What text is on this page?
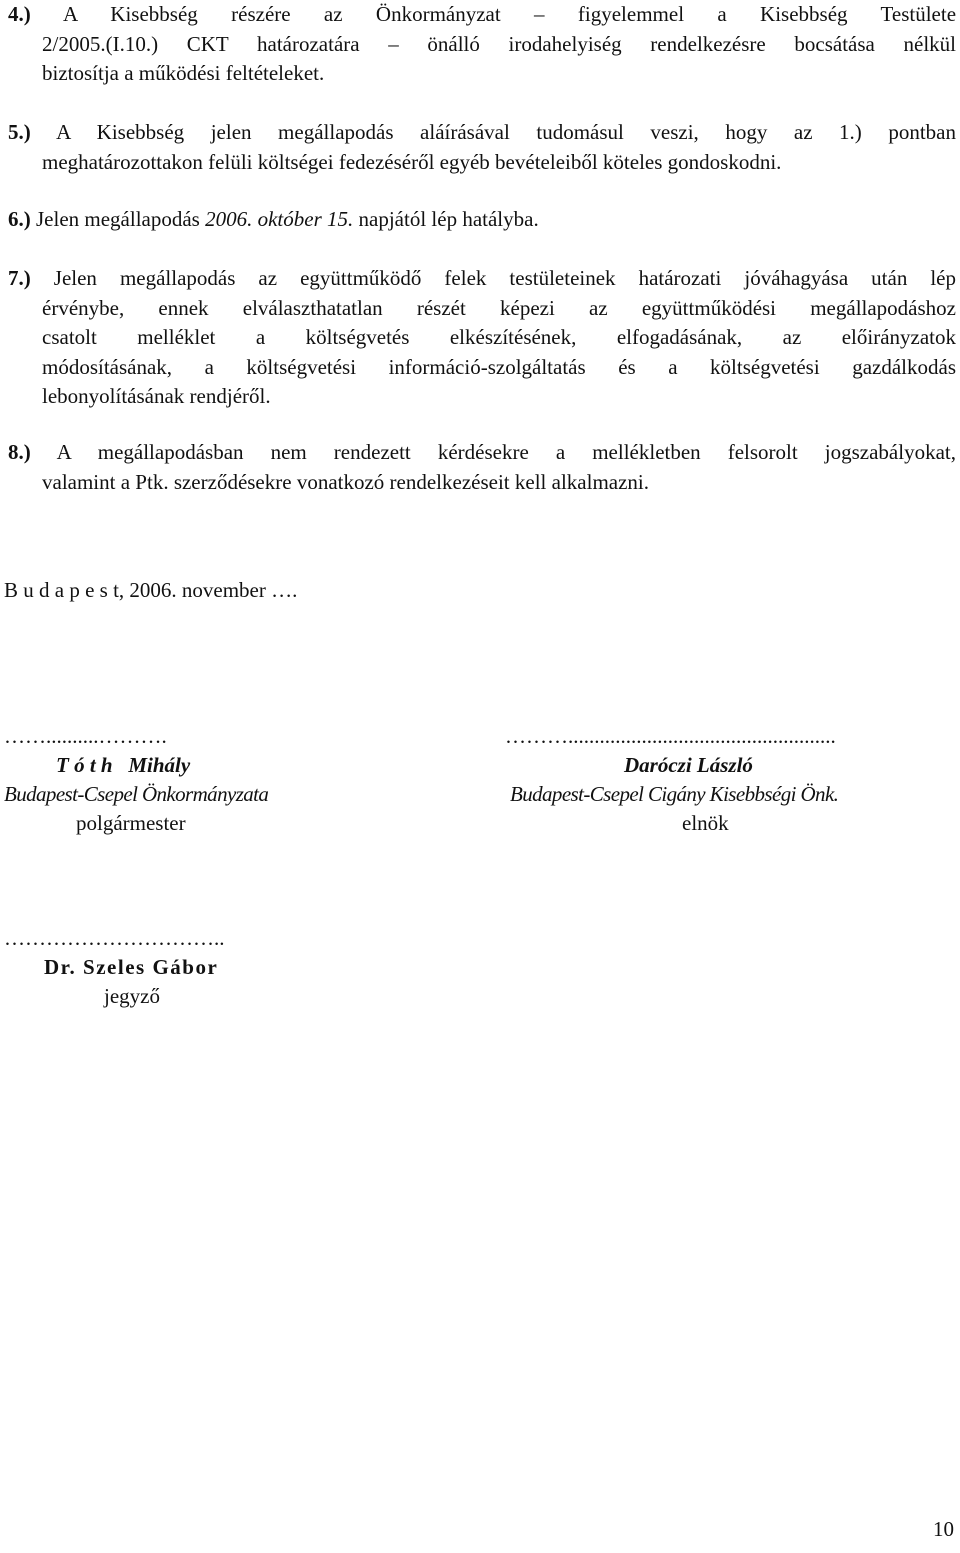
4.) A Kisebbség részére az Önkormányzat – figyelemmel a Kisebbség Testülete
2/2005.(I.10.) CKT határozatára – önálló irodahelyiség rendelkezésre bocsátása nélkül
biztosítja a működési feltételeket.
5.) A Kisebbség jelen megállapodás aláírásával tudomásul veszi, hogy az 1.) pontban
meghatározottakon felüli költségei fedezéséről egyéb bevételeiből köteles gondoskodni.
6.) Jelen megállapodás 2006. október 15. napjától lép hatályba.
7.) Jelen megállapodás az együttműködő felek testületeinek határozati jóváhagyása után lép
érvénybe, ennek elválaszthatatlan részét képezi az együttműködési megállapodáshoz
csatolt melléklet a költségvetés elkészítésének, elfogadásának, az előirányzatok
módosításának, a költségvetési információ-szolgáltatás és a költségvetési gazdálkodás
lebonyolításának rendjéről.
8.) A megállapodásban nem rendezett kérdésekre a mellékletben felsorolt jogszabályokat,
valamint a Ptk. szerződésekre vonatkozó rendelkezéseit kell alkalmazni.
B u d a p e s t, 2006. november ….
……..........……….
T ó t h   Mihály
Budapest-Csepel Önkormányzata
polgármester
………...................................................
Daróczi László
Budapest-Csepel Cigány Kisebbségi Önk.
elnök
…………………………..
Dr. Szeles Gábor
jegyző
10
